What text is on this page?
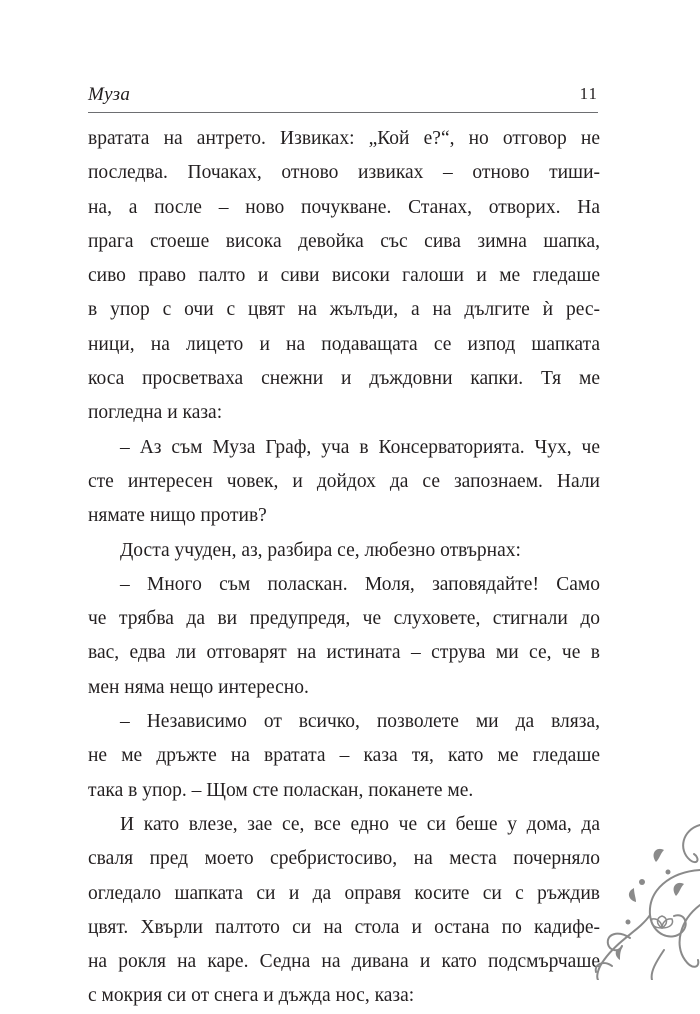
Муза	11
вратата на антрето. Извиках: „Кой е?“, но отговор не
последва. Почаках, отново извиках – отново тиши-
на, а после – ново почукване. Станах, отворих. На
прага стоеше висока девойка със сива зимна шапка,
сиво право палто и сиви високи галоши и ме гледаше
в упор с очи с цвят на жълъди, а на дългите ѝ рес-
ници, на лицето и на подаващата се изпод шапката
коса просветваха снежни и дъждовни капки. Тя ме
погледна и каза:
– Аз съм Муза Граф, уча в Консерваторията. Чух, че
сте интересен човек, и дойдох да се запознаем. Нали
нямате нищо против?
Доста учуден, аз, разбира се, любезно отвърнах:
– Много съм поласкан. Моля, заповядайте! Само
че трябва да ви предупредя, че слуховете, стигнали до
вас, едва ли отговарят на истината – струва ми се, че в
мен няма нещо интересно.
– Независимо от всичко, позволете ми да вляза,
не ме дръжте на вратата – каза тя, като ме гледаше
така в упор. – Щом сте поласкан, поканете ме.
И като влезе, зае се, все едно че си беше у дома, да
сваля пред моето сребристосиво, на места почерняло
огледало шапката си и да оправя косите си с ръждив
цвят. Хвърли палтото си на стола и остана по кадифе-
на рокля на каре. Седна на дивана и като подсмърчаше
с мокрия си от снега и дъжда нос, каза:
